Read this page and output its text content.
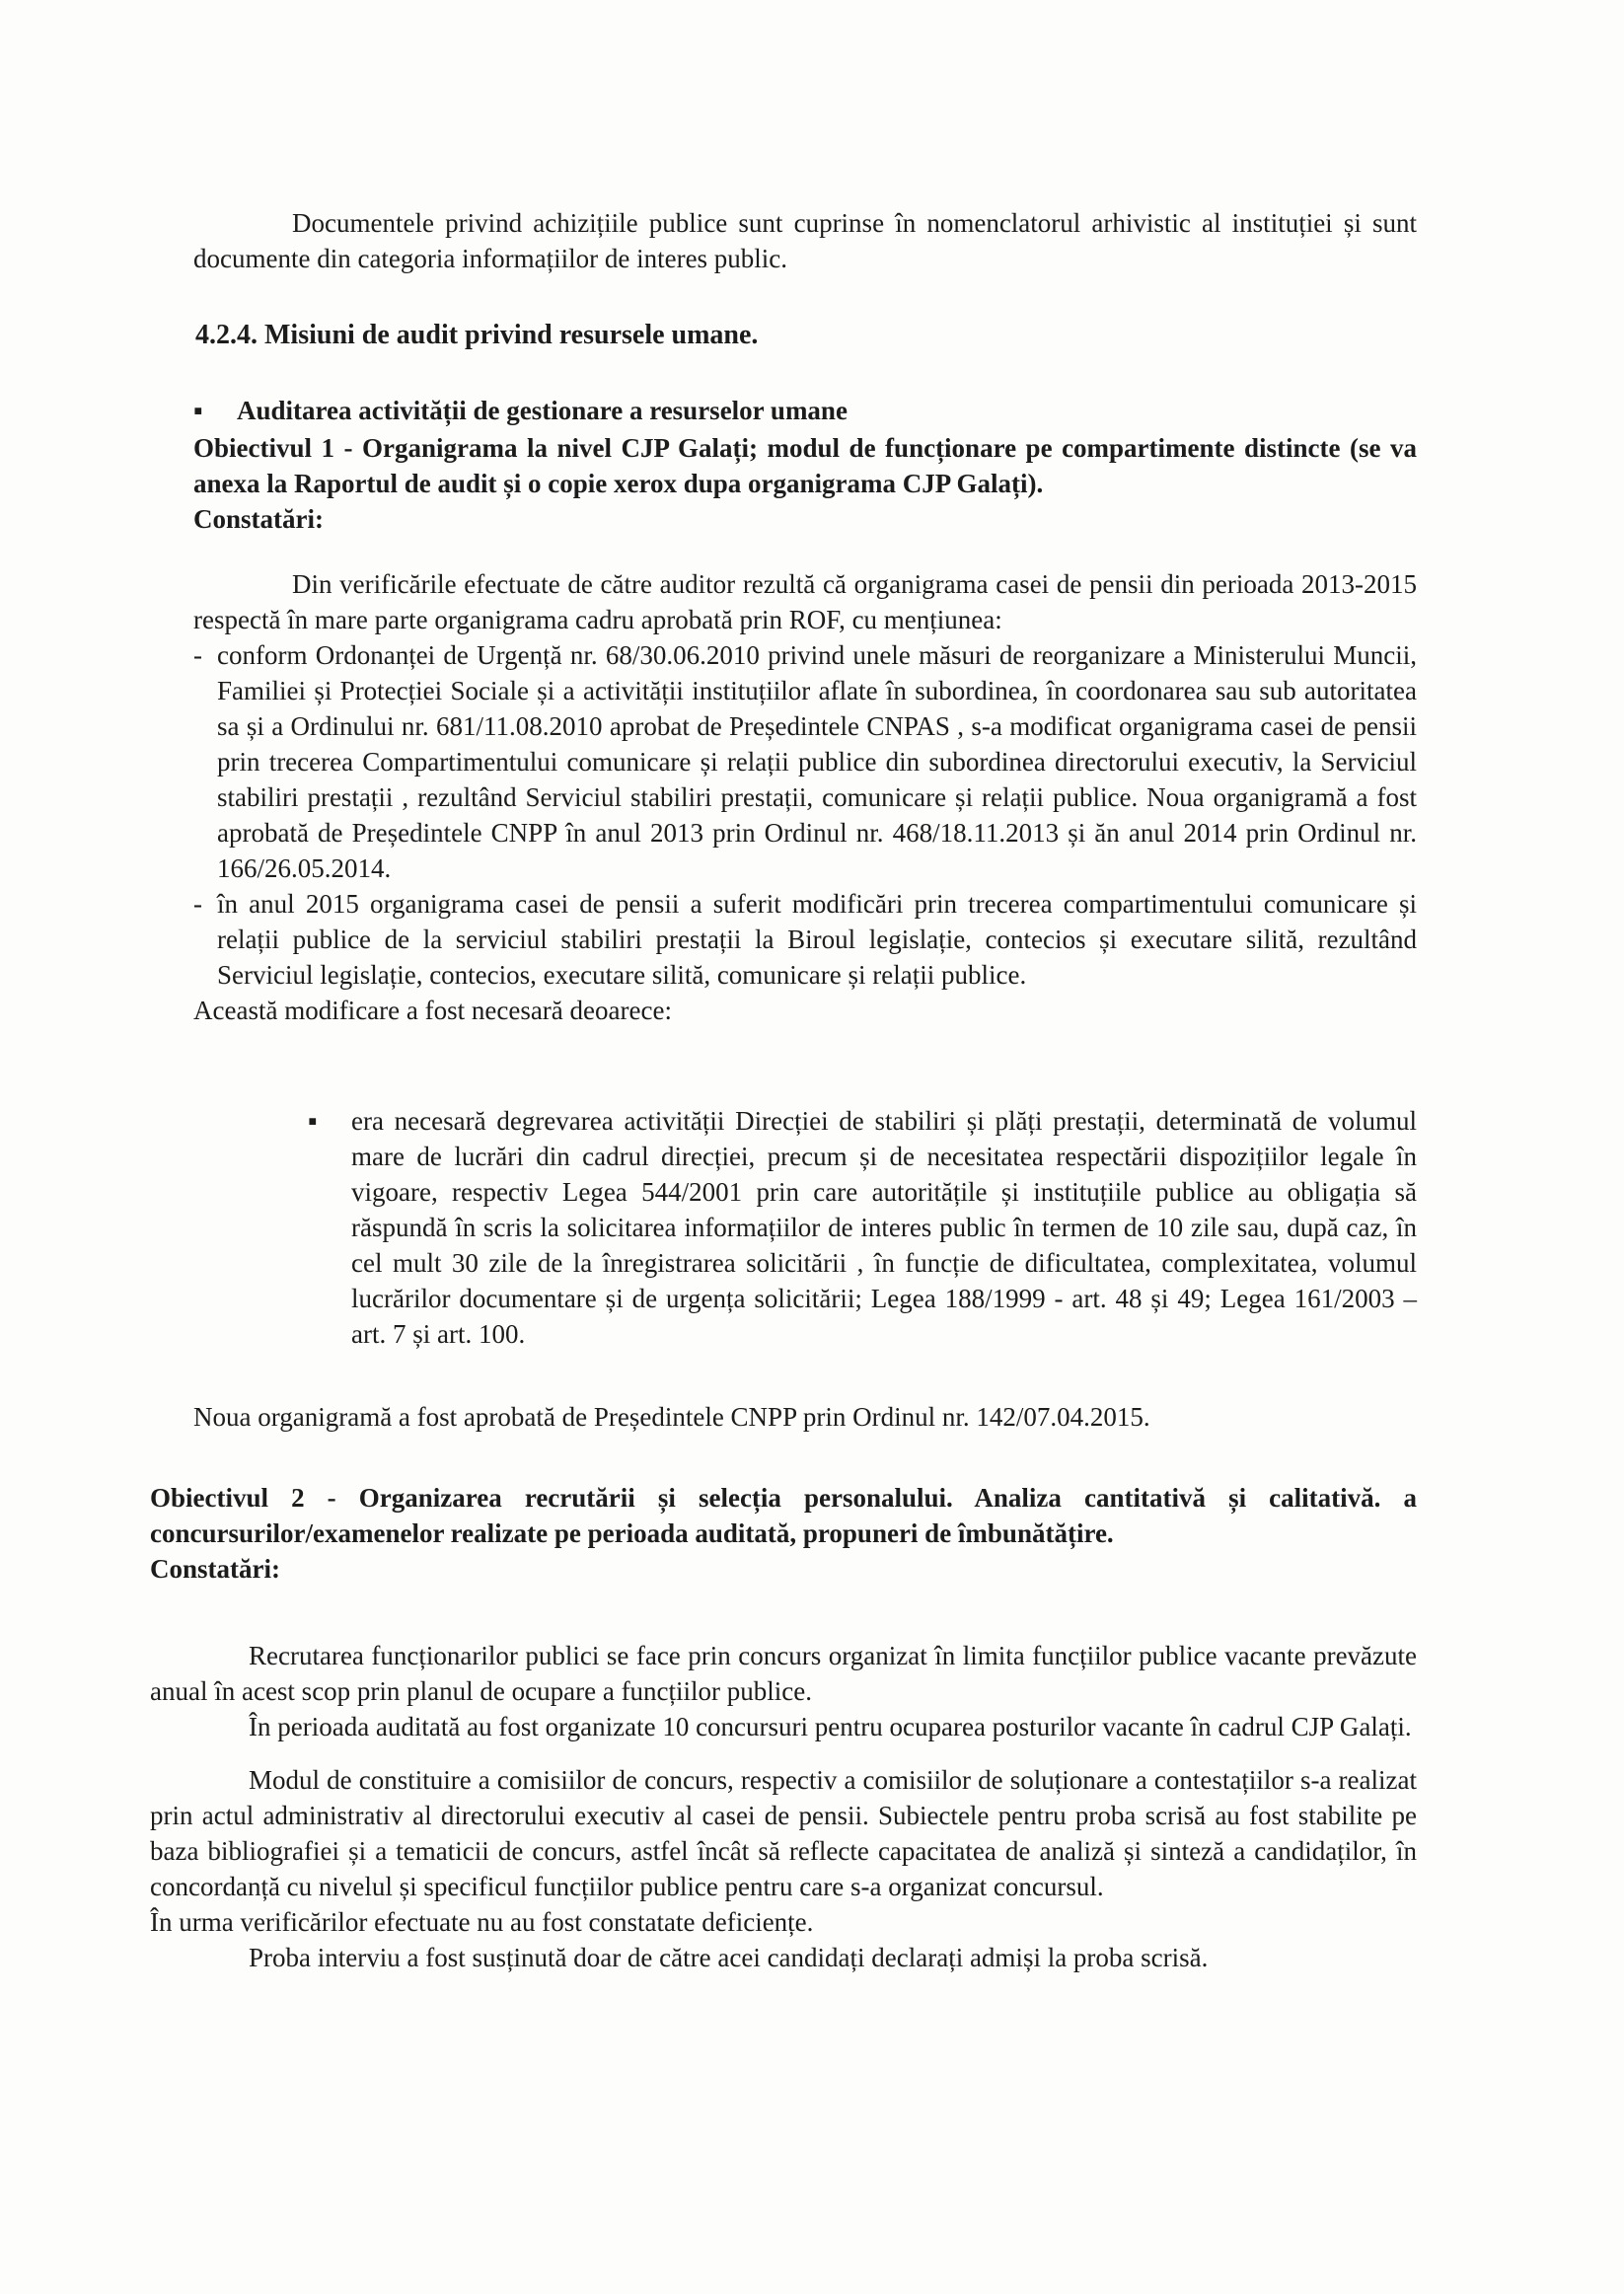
Documentele privind achizițiile publice sunt cuprinse în nomenclatorul arhivistic al instituției și sunt documente din categoria informațiilor de interes public.

4.2.4. Misiuni de audit privind resursele umane.
▪	Auditarea activității de gestionare a resurselor umane

Obiectivul 1 - Organigrama la nivel CJP Galați; modul de funcționare pe compartimente distincte (se va anexa la Raportul de audit și o copie xerox dupa organigrama CJP Galați).

Constatări:

Din verificările efectuate de către auditor rezultă că organigrama casei de pensii din perioada 2013-2015 respectă în mare parte organigrama cadru aprobată prin ROF, cu mențiunea:

- conform Ordonanței de Urgență nr. 68/30.06.2010 privind unele măsuri de reorganizare a Ministerului Muncii, Familiei și Protecției Sociale și a activității instituțiilor aflate în subordinea, în coordonarea sau sub autoritatea sa și a Ordinului nr. 681/11.08.2010 aprobat de Președintele CNPAS , s-a modificat organigrama casei de pensii prin trecerea Compartimentului comunicare și relații publice din subordinea directorului executiv, la Serviciul stabiliri prestații , rezultând Serviciul stabiliri prestații, comunicare și relații publice. Noua organigramă a fost aprobată de Președintele CNPP în anul 2013 prin Ordinul nr. 468/18.11.2013 și ăn anul 2014 prin Ordinul nr. 166/26.05.2014.
- în anul 2015 organigrama casei de pensii a suferit modificări prin trecerea compartimentului comunicare și relații publice de la serviciul stabiliri prestații la Biroul legislație, contecios și executare silită, rezultând Serviciul legislație, contecios, executare silită, comunicare și relații publice.

Această modificare a fost necesară deoarece:

▪	era necesară degrevarea activității Direcției de stabiliri și plăți prestații, determinată de volumul mare de lucrări din cadrul direcției, precum și de necesitatea respectării dispozițiilor legale în vigoare, respectiv Legea 544/2001 prin care autoritățile și instituțiile publice au obligația să răspundă în scris la solicitarea informațiilor de interes public în termen de 10 zile sau, după caz, în cel mult 30 zile de la înregistrarea solicitării , în funcție de dificultatea, complexitatea, volumul lucrărilor documentare și de urgența solicitării; Legea 188/1999 - art. 48 și 49; Legea 161/2003 – art. 7 și art. 100.
Noua organigramă a fost aprobată de Președintele CNPP prin Ordinul nr. 142/07.04.2015.

Obiectivul 2 - Organizarea recrutării și selecția personalului. Analiza cantitativă și calitativă. a concursurilor/examenelor realizate pe perioada auditată, propuneri de îmbunătățire.

Constatări:

Recrutarea funcționarilor publici se face prin concurs organizat în limita funcțiilor publice vacante prevăzute anual în acest scop prin planul de ocupare a funcțiilor publice.

În perioada auditată au fost organizate 10 concursuri pentru ocuparea posturilor vacante în cadrul CJP Galați.

Modul de constituire a comisiilor de concurs, respectiv a comisiilor de soluționare a contestațiilor s-a realizat prin actul administrativ al directorului executiv al casei de pensii. Subiectele pentru proba scrisă au fost stabilite pe baza bibliografiei și a tematicii de concurs, astfel încât să reflecte capacitatea de analiză și sinteză a candidaților, în concordanță cu nivelul și specificul funcțiilor publice pentru care s-a organizat concursul.

În urma verificărilor efectuate nu au fost constatate deficiențe.

Proba interviu a fost susținută doar de către acei candidați declarați admiși la proba scrisă.
